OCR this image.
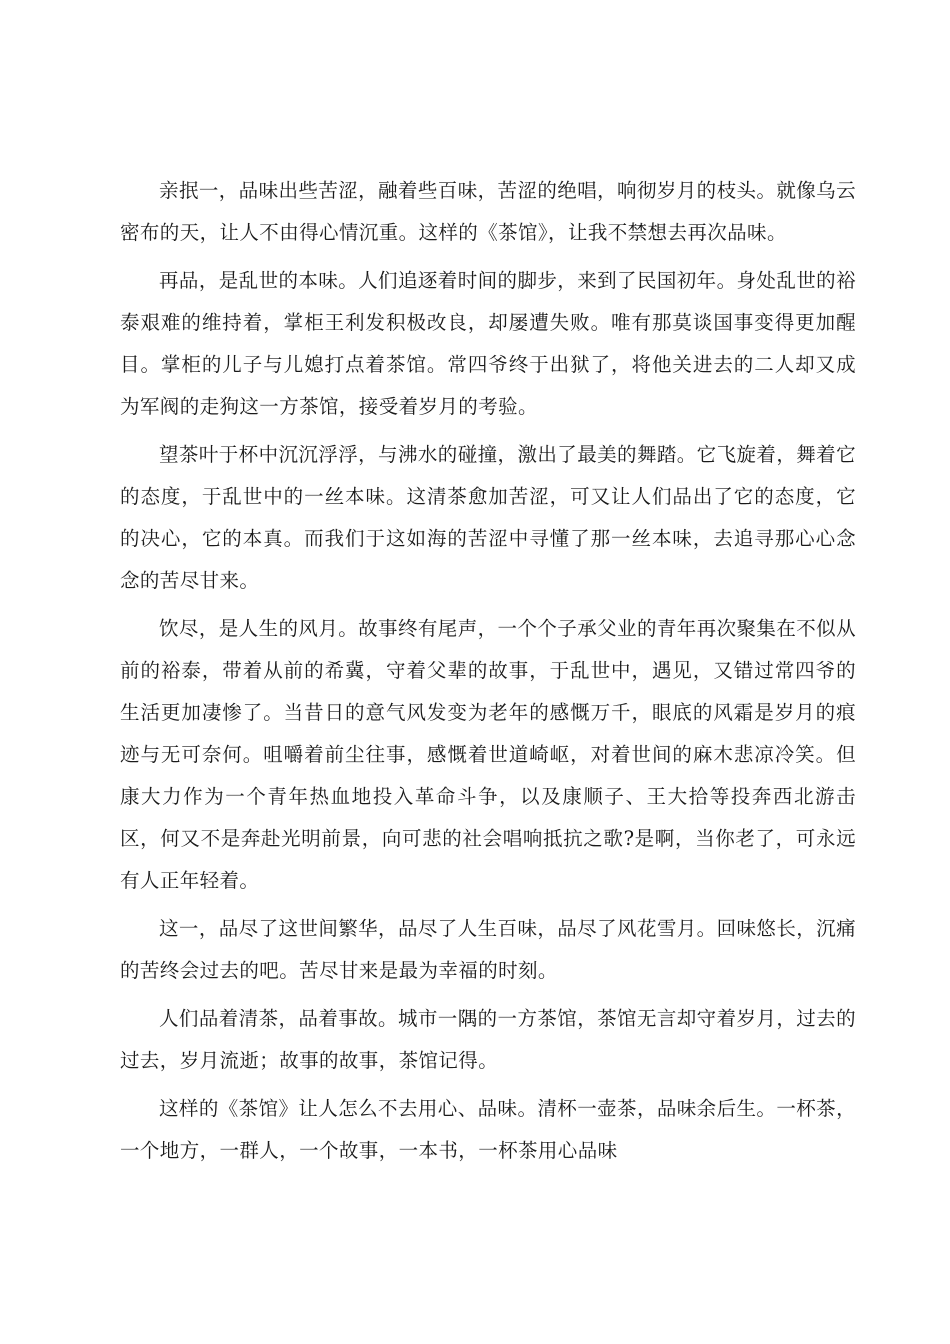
亲抿一，品味出些苦涩，融着些百味，苦涩的绝唱，响彻岁月的枝头。就像乌云密布的天，让人不由得心情沉重。这样的《茶馆》，让我不禁想去再次品味。

再品，是乱世的本味。人们追逐着时间的脚步，来到了民国初年。身处乱世的裕泰艰难的维持着，掌柜王利发积极改良，却屡遭失败。唯有那莫谈国事变得更加醒目。掌柜的儿子与儿媳打点着茶馆。常四爷终于出狱了，将他关进去的二人却又成为军阀的走狗这一方茶馆，接受着岁月的考验。

望茶叶于杯中沉沉浮浮，与沸水的碰撞，激出了最美的舞踏。它飞旋着，舞着它的态度，于乱世中的一丝本味。这清茶愈加苦涩，可又让人们品出了它的态度，它的决心，它的本真。而我们于这如海的苦涩中寻懂了那一丝本味，去追寻那心心念念的苦尽甘来。

饮尽，是人生的风月。故事终有尾声，一个个子承父业的青年再次聚集在不似从前的裕泰，带着从前的希冀，守着父辈的故事，于乱世中，遇见，又错过常四爷的生活更加凄惨了。当昔日的意气风发变为老年的感慨万千，眼底的风霜是岁月的痕迹与无可奈何。咀嚼着前尘往事，感慨着世道崎岖，对着世间的麻木悲凉冷笑。但康大力作为一个青年热血地投入革命斗争，以及康顺子、王大拾等投奔西北游击区，何又不是奔赴光明前景，向可悲的社会唱响抵抗之歌?是啊，当你老了，可永远有人正年轻着。

这一，品尽了这世间繁华，品尽了人生百味，品尽了风花雪月。回味悠长，沉痛的苦终会过去的吧。苦尽甘来是最为幸福的时刻。

人们品着清茶，品着事故。城市一隅的一方茶馆，茶馆无言却守着岁月，过去的过去，岁月流逝；故事的故事，茶馆记得。

这样的《茶馆》让人怎么不去用心、品味。清杯一壶茶，品味余后生。一杯茶，一个地方，一群人，一个故事，一本书，一杯茶用心品味
